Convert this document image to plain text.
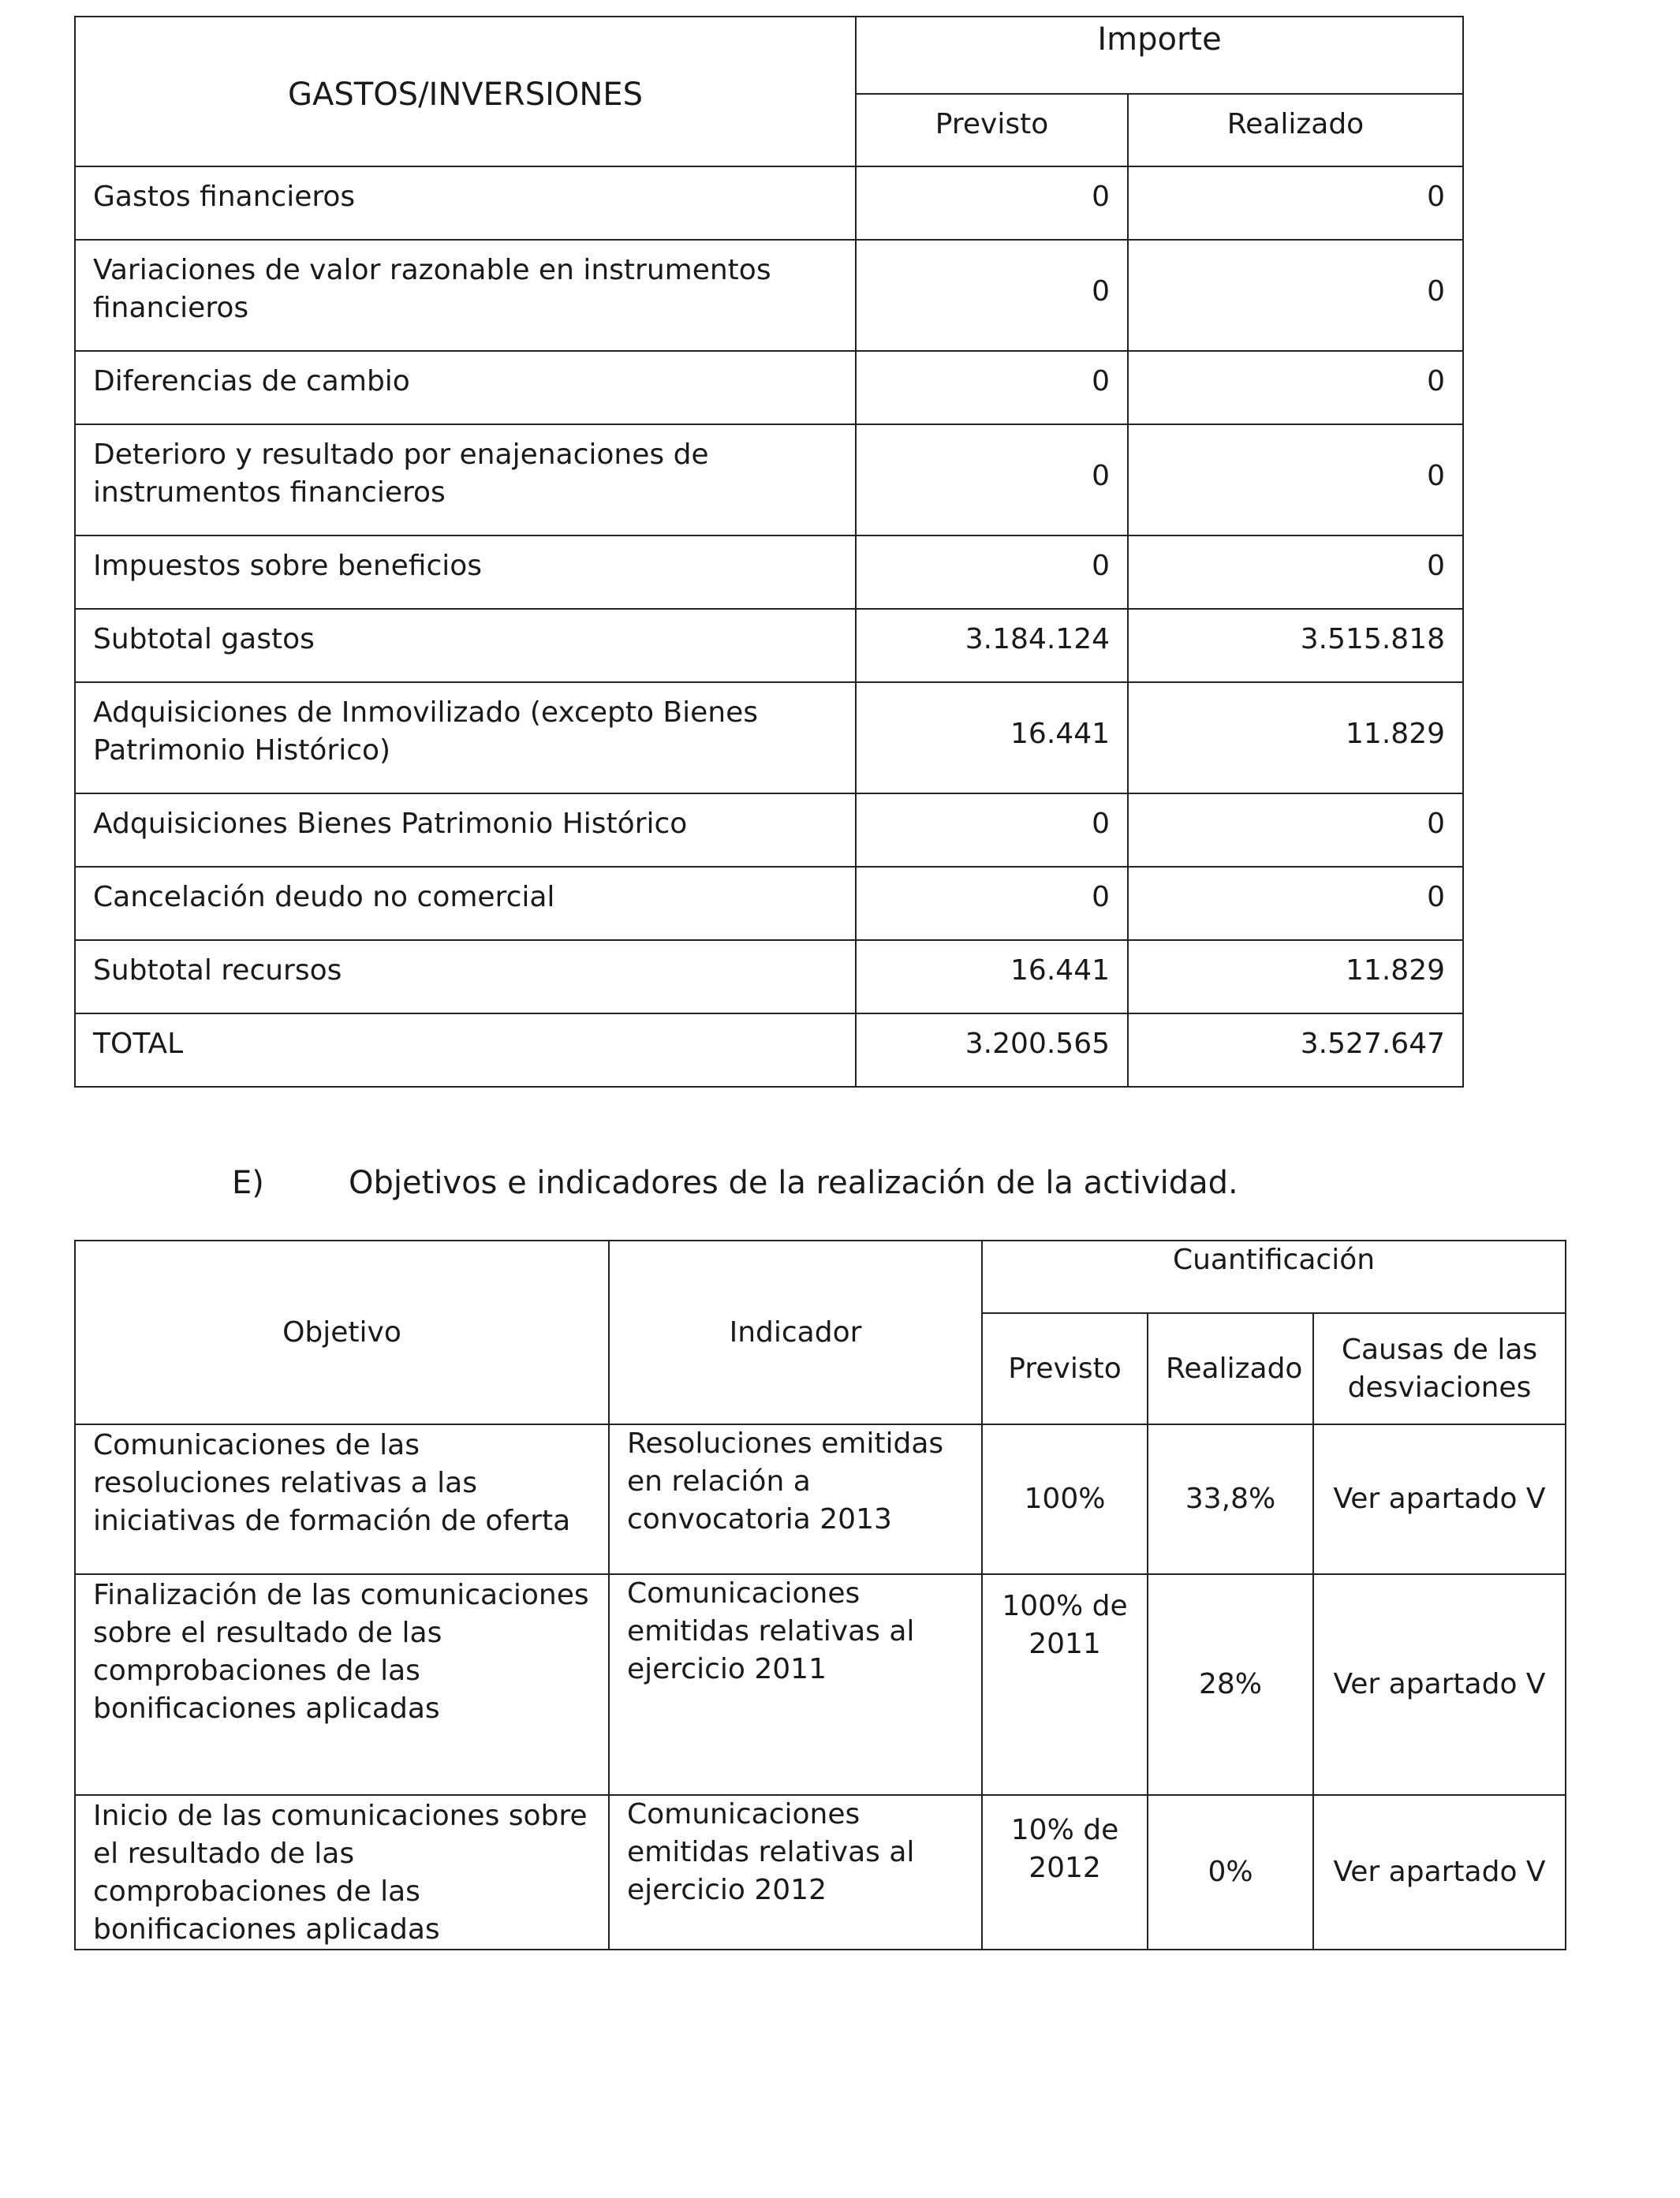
GASTOS/INVERSIONES	Importe	
	Previsto	Realizado
Gastos financieros	0	0
Variaciones de valor razonable en instrumentos financieros	0	0
Diferencias de cambio	0	0
Deterioro y resultado por enajenaciones de instrumentos financieros	0	0
Impuestos sobre beneficios	0	0
Subtotal gastos	3.184.124	3.515.818
Adquisiciones de Inmovilizado (excepto Bienes Patrimonio Histórico)	16.441	11.829
Adquisiciones Bienes Patrimonio Histórico	0	0
Cancelación deudo no comercial	0	0
Subtotal recursos	16.441	11.829
TOTAL	3.200.565	3.527.647
E)	Objetivos e indicadores de la realización de la actividad.
Objetivo	Indicador	Cuantificación		
		Previsto	Realizado	Causas de las desviaciones
Comunicaciones de las resoluciones relativas a las iniciativas de formación de oferta	Resoluciones emitidas en relación a convocatoria 2013	100%	33,8%	Ver apartado V
Finalización de las comunicaciones sobre el resultado de las comprobaciones de las bonificaciones aplicadas	Comunicaciones emitidas relativas al ejercicio 2011	100% de 2011	28%	Ver apartado V
Inicio de las comunicaciones sobre el resultado de las comprobaciones de las bonificaciones aplicadas	Comunicaciones emitidas relativas al ejercicio 2012	10% de 2012	0%	Ver apartado V
